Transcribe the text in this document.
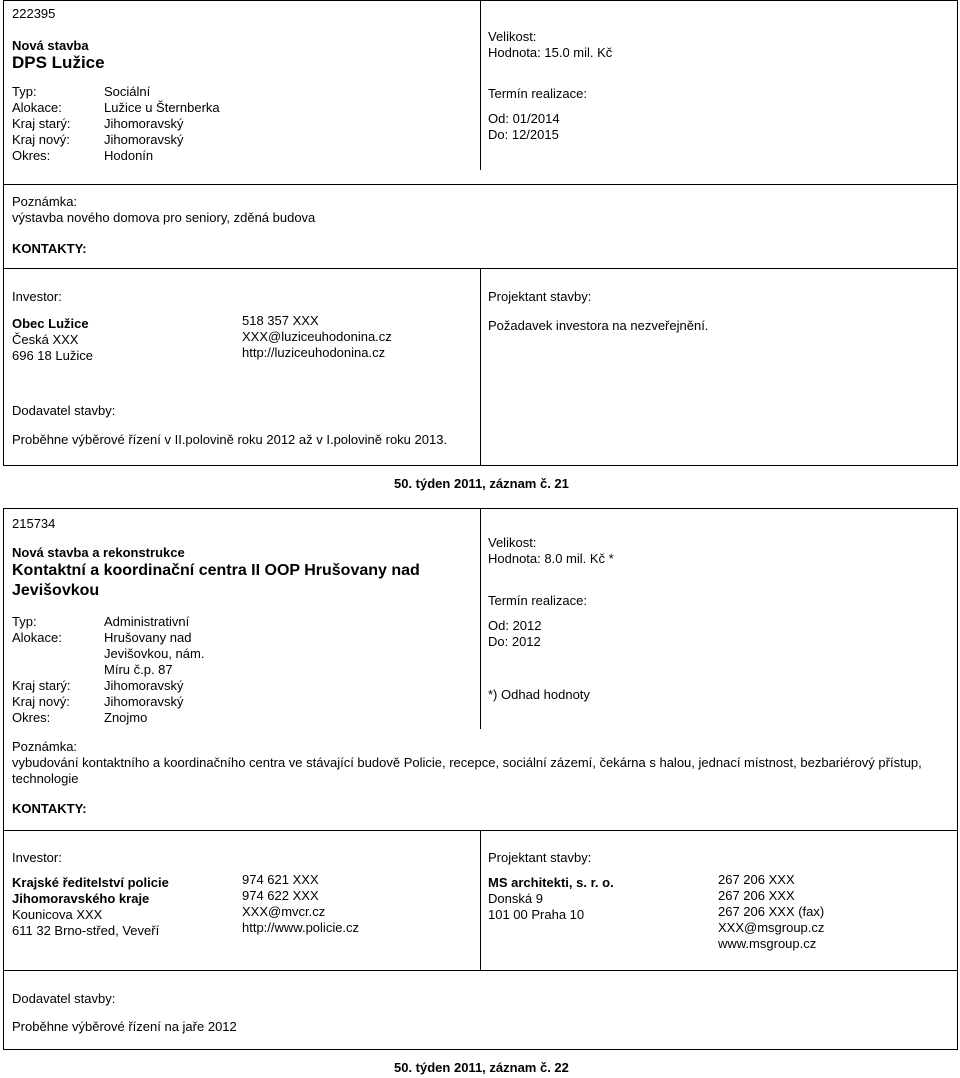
222395
Nová stavba
DPS Lužice
Typ:	Sociální
Alokace:	Lužice u Šternberka
Kraj starý:	Jihomoravský
Kraj nový:	Jihomoravský
Okres:	Hodonín
Velikost:
Hodnota: 15.0 mil. Kč
Termín realizace:
Od: 01/2014
Do: 12/2015
Poznámka:
výstavba nového domova pro seniory, zděná budova
KONTAKTY:
Investor:
Obec Lužice
Česká XXX
696 18 Lužice
518 357 XXX
XXX@luziceuhodonina.cz
http://luziceuhodonina.cz
Projektant stavby:
Požadavek investora na nezveřejnění.
Dodavatel stavby:
Proběhne výběrové řízení v II.polovině roku 2012 až v I.polovině roku 2013.
50. týden 2011, záznam č. 21
215734
Nová stavba a rekonstrukce
Kontaktní a koordinační centra II OOP Hrušovany nad
Jevišovkou
Typ:	Administrativní
Alokace:	Hrušovany nad
Jevišovkou, nám.
Míru č.p. 87
Kraj starý:	Jihomoravský
Kraj nový:	Jihomoravský
Okres:	Znojmo
Velikost:
Hodnota: 8.0 mil. Kč *
Termín realizace:
Od: 2012
Do: 2012
*) Odhad hodnoty
Poznámka:
vybudování kontaktního a koordinačního centra ve stávající budově Policie, recepce, sociální zázemí, čekárna s halou, jednací místnost, bezbariérový přístup,
technologie
KONTAKTY:
Investor:
Krajské ředitelství policie
Jihomoravského kraje
Kounicova XXX
611 32 Brno-střed, Veveří
974 621 XXX
974 622 XXX
XXX@mvcr.cz
http://www.policie.cz
Projektant stavby:
MS architekti, s. r. o.
Donská 9
101 00 Praha 10
267 206 XXX
267 206 XXX
267 206 XXX (fax)
XXX@msgroup.cz
www.msgroup.cz
Dodavatel stavby:
Proběhne výběrové řízení na jaře 2012
50. týden 2011, záznam č. 22
